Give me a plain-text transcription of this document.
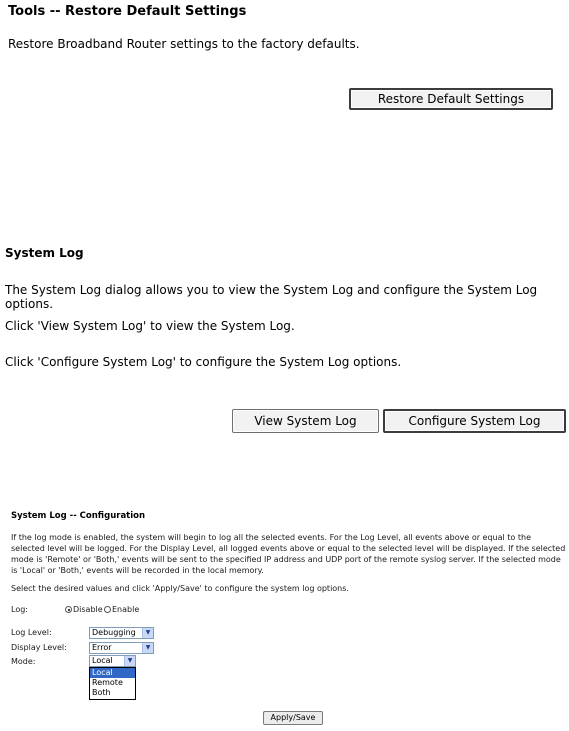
Tools -- Restore Default Settings
Restore Broadband Router settings to the factory defaults.
Restore Default Settings
System Log
The System Log dialog allows you to view the System Log and configure the System Log options.
Click 'View System Log' to view the System Log.
Click 'Configure System Log' to configure the System Log options.
View System Log	Configure System Log
System Log -- Configuration
If the log mode is enabled, the system will begin to log all the selected events. For the Log Level, all events above or equal to the selected level will be logged. For the Display Level, all logged events above or equal to the selected level will be displayed. If the selected mode is 'Remote' or 'Both,' events will be sent to the specified IP address and UDP port of the remote syslog server. If the selected mode is 'Local' or 'Both,' events will be recorded in the local memory.
Select the desired values and click 'Apply/Save' to configure the system log options.
Log:	Disable Enable
Log Level:	Debugging	▼
Display Level:	Error	▼
Mode:	Local	▼
Local
Remote
Both
Apply/Save
